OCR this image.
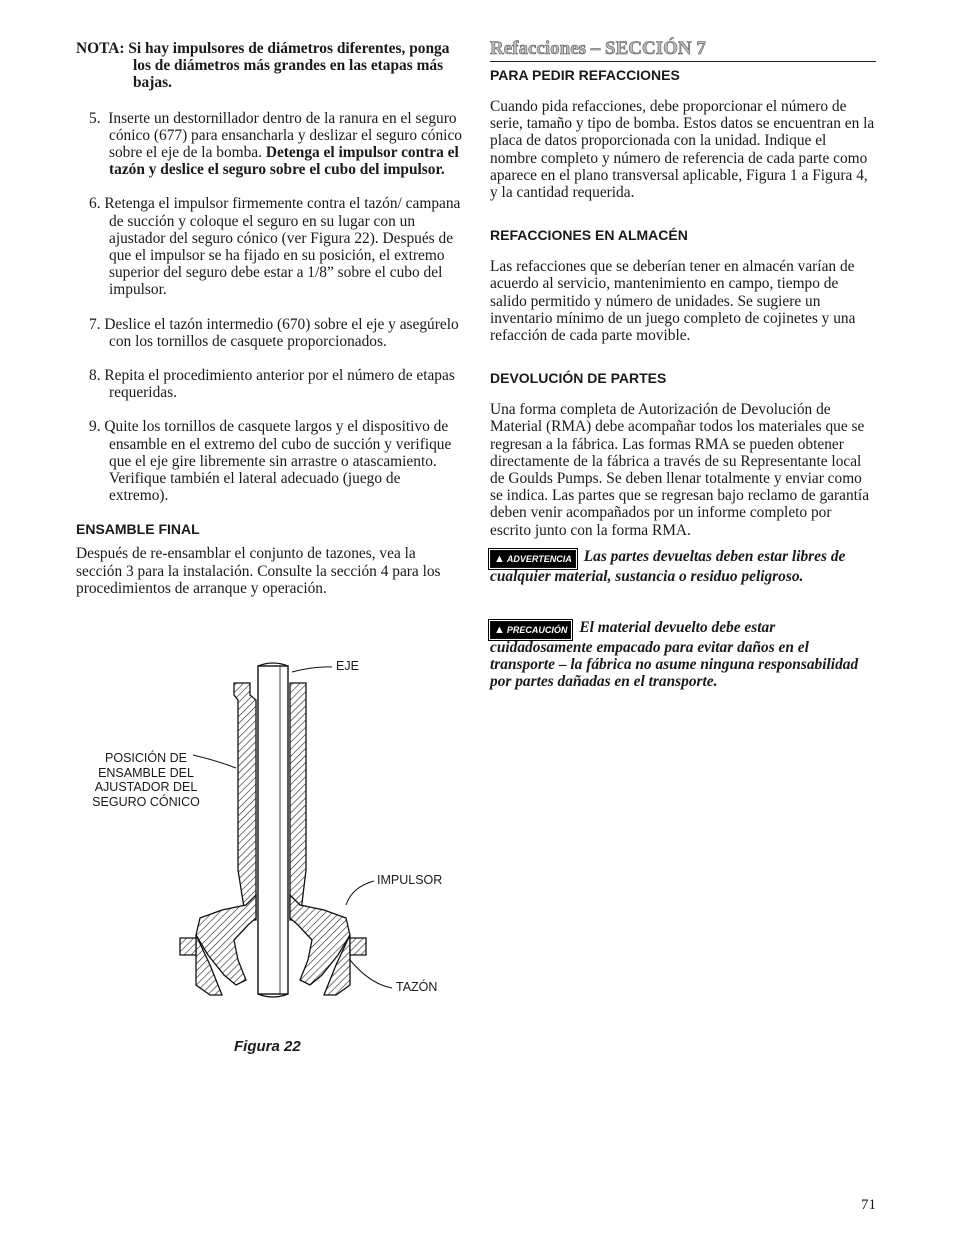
NOTA: Si hay impulsores de diámetros diferentes, ponga los de diámetros más grandes en las etapas más bajas.

5. Inserte un destornillador dentro de la ranura en el seguro cónico (677) para ensancharla y deslizar el seguro cónico sobre el eje de la bomba. Detenga el impulsor contra el tazón y deslice el seguro sobre el cubo del impulsor.

6. Retenga el impulsor firmemente contra el tazón/ campana de succión y coloque el seguro en su lugar con un ajustador del seguro cónico (ver Figura 22). Después de que el impulsor se ha fijado en su posición, el extremo superior del seguro debe estar a 1/8” sobre el cubo del impulsor.

7. Deslice el tazón intermedio (670) sobre el eje y asegúrelo con los tornillos de casquete proporcionados.

8. Repita el procedimiento anterior por el número de etapas requeridas.

9. Quite los tornillos de casquete largos y el dispositivo de ensamble en el extremo del cubo de succión y verifique que el eje gire libremente sin arrastre o atascamiento. Verifique también el lateral adecuado (juego de extremo).

ENSAMBLE FINAL

Después de re-ensamblar el conjunto de tazones, vea la sección 3 para la instalación. Consulte la sección 4 para los procedimientos de arranque y operación.

EJE
POSICIÓN DE
ENSAMBLE DEL
AJUSTADOR DEL
SEGURO CÓNICO
IMPULSOR
TAZÓN
Figura 22
Refacciones – SECCIÓN 7
PARA PEDIR REFACCIONES

Cuando pida refacciones, debe proporcionar el número de serie, tamaño y tipo de bomba. Estos datos se encuentran en la placa de datos proporcionada con la unidad. Indique el nombre completo y número de referencia de cada parte como aparece en el plano transversal aplicable, Figura 1 a Figura 4, y la cantidad requerida.

REFACCIONES EN ALMACÉN

Las refacciones que se deberían tener en almacén varían de acuerdo al servicio, mantenimiento en campo, tiempo de salido permitido y número de unidades. Se sugiere un inventario mínimo de un juego completo de cojinetes y una refacción de cada parte movible.

DEVOLUCIÓN DE PARTES

Una forma completa de Autorización de Devolución de Material (RMA) debe acompañar todos los materiales que se regresan a la fábrica. Las formas RMA se pueden obtener directamente de la fábrica a través de su Representante local de Goulds Pumps. Se deben llenar totalmente y enviar como se indica. Las partes que se regresan bajo reclamo de garantía deben venir acompañados por un informe completo por escrito junto con la forma RMA.

▲ ADVERTENCIA Las partes devueltas deben estar libres de cualquier material, sustancia o residuo peligroso.

▲ PRECAUCIÓN El material devuelto debe estar cuidadosamente empacado para evitar daños en el transporte – la fábrica no asume ninguna responsabilidad por partes dañadas en el transporte.

71
